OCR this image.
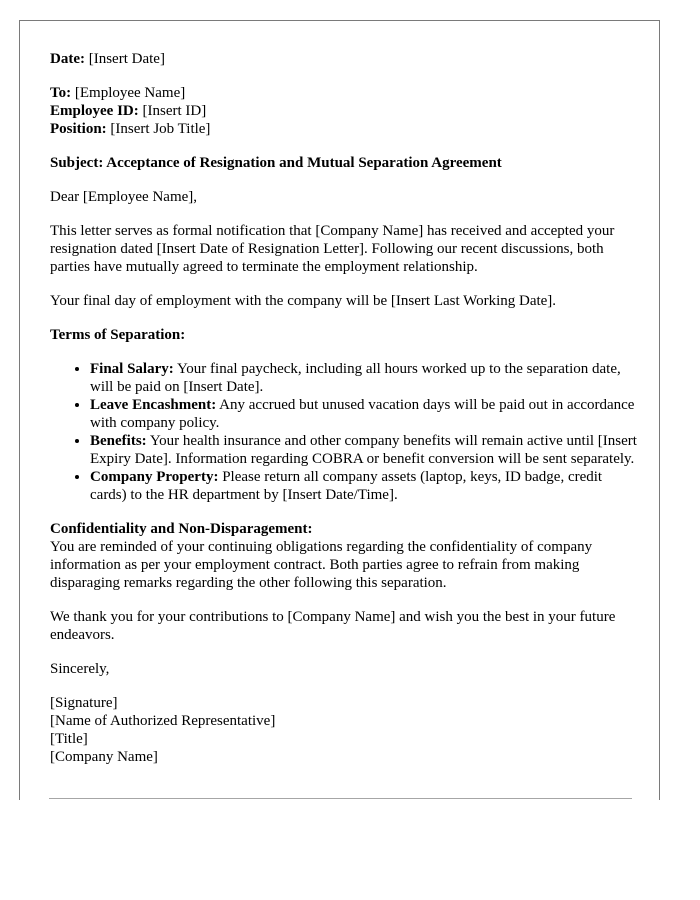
Date: [Insert Date]

To: [Employee Name]
Employee ID: [Insert ID]
Position: [Insert Job Title]

Subject: Acceptance of Resignation and Mutual Separation Agreement

Dear [Employee Name],

This letter serves as formal notification that [Company Name] has received and accepted your resignation dated [Insert Date of Resignation Letter]. Following our recent discussions, both parties have mutually agreed to terminate the employment relationship.

Your final day of employment with the company will be [Insert Last Working Date].

Terms of Separation:

• Final Salary: Your final paycheck, including all hours worked up to the separation date, will be paid on [Insert Date].
• Leave Encashment: Any accrued but unused vacation days will be paid out in accordance with company policy.
• Benefits: Your health insurance and other company benefits will remain active until [Insert Expiry Date]. Information regarding COBRA or benefit conversion will be sent separately.
• Company Property: Please return all company assets (laptop, keys, ID badge, credit cards) to the HR department by [Insert Date/Time].

Confidentiality and Non-Disparagement:
You are reminded of your continuing obligations regarding the confidentiality of company information as per your employment contract. Both parties agree to refrain from making disparaging remarks regarding the other following this separation.

We thank you for your contributions to [Company Name] and wish you the best in your future endeavors.

Sincerely,

[Signature]
[Name of Authorized Representative]
[Title]
[Company Name]
